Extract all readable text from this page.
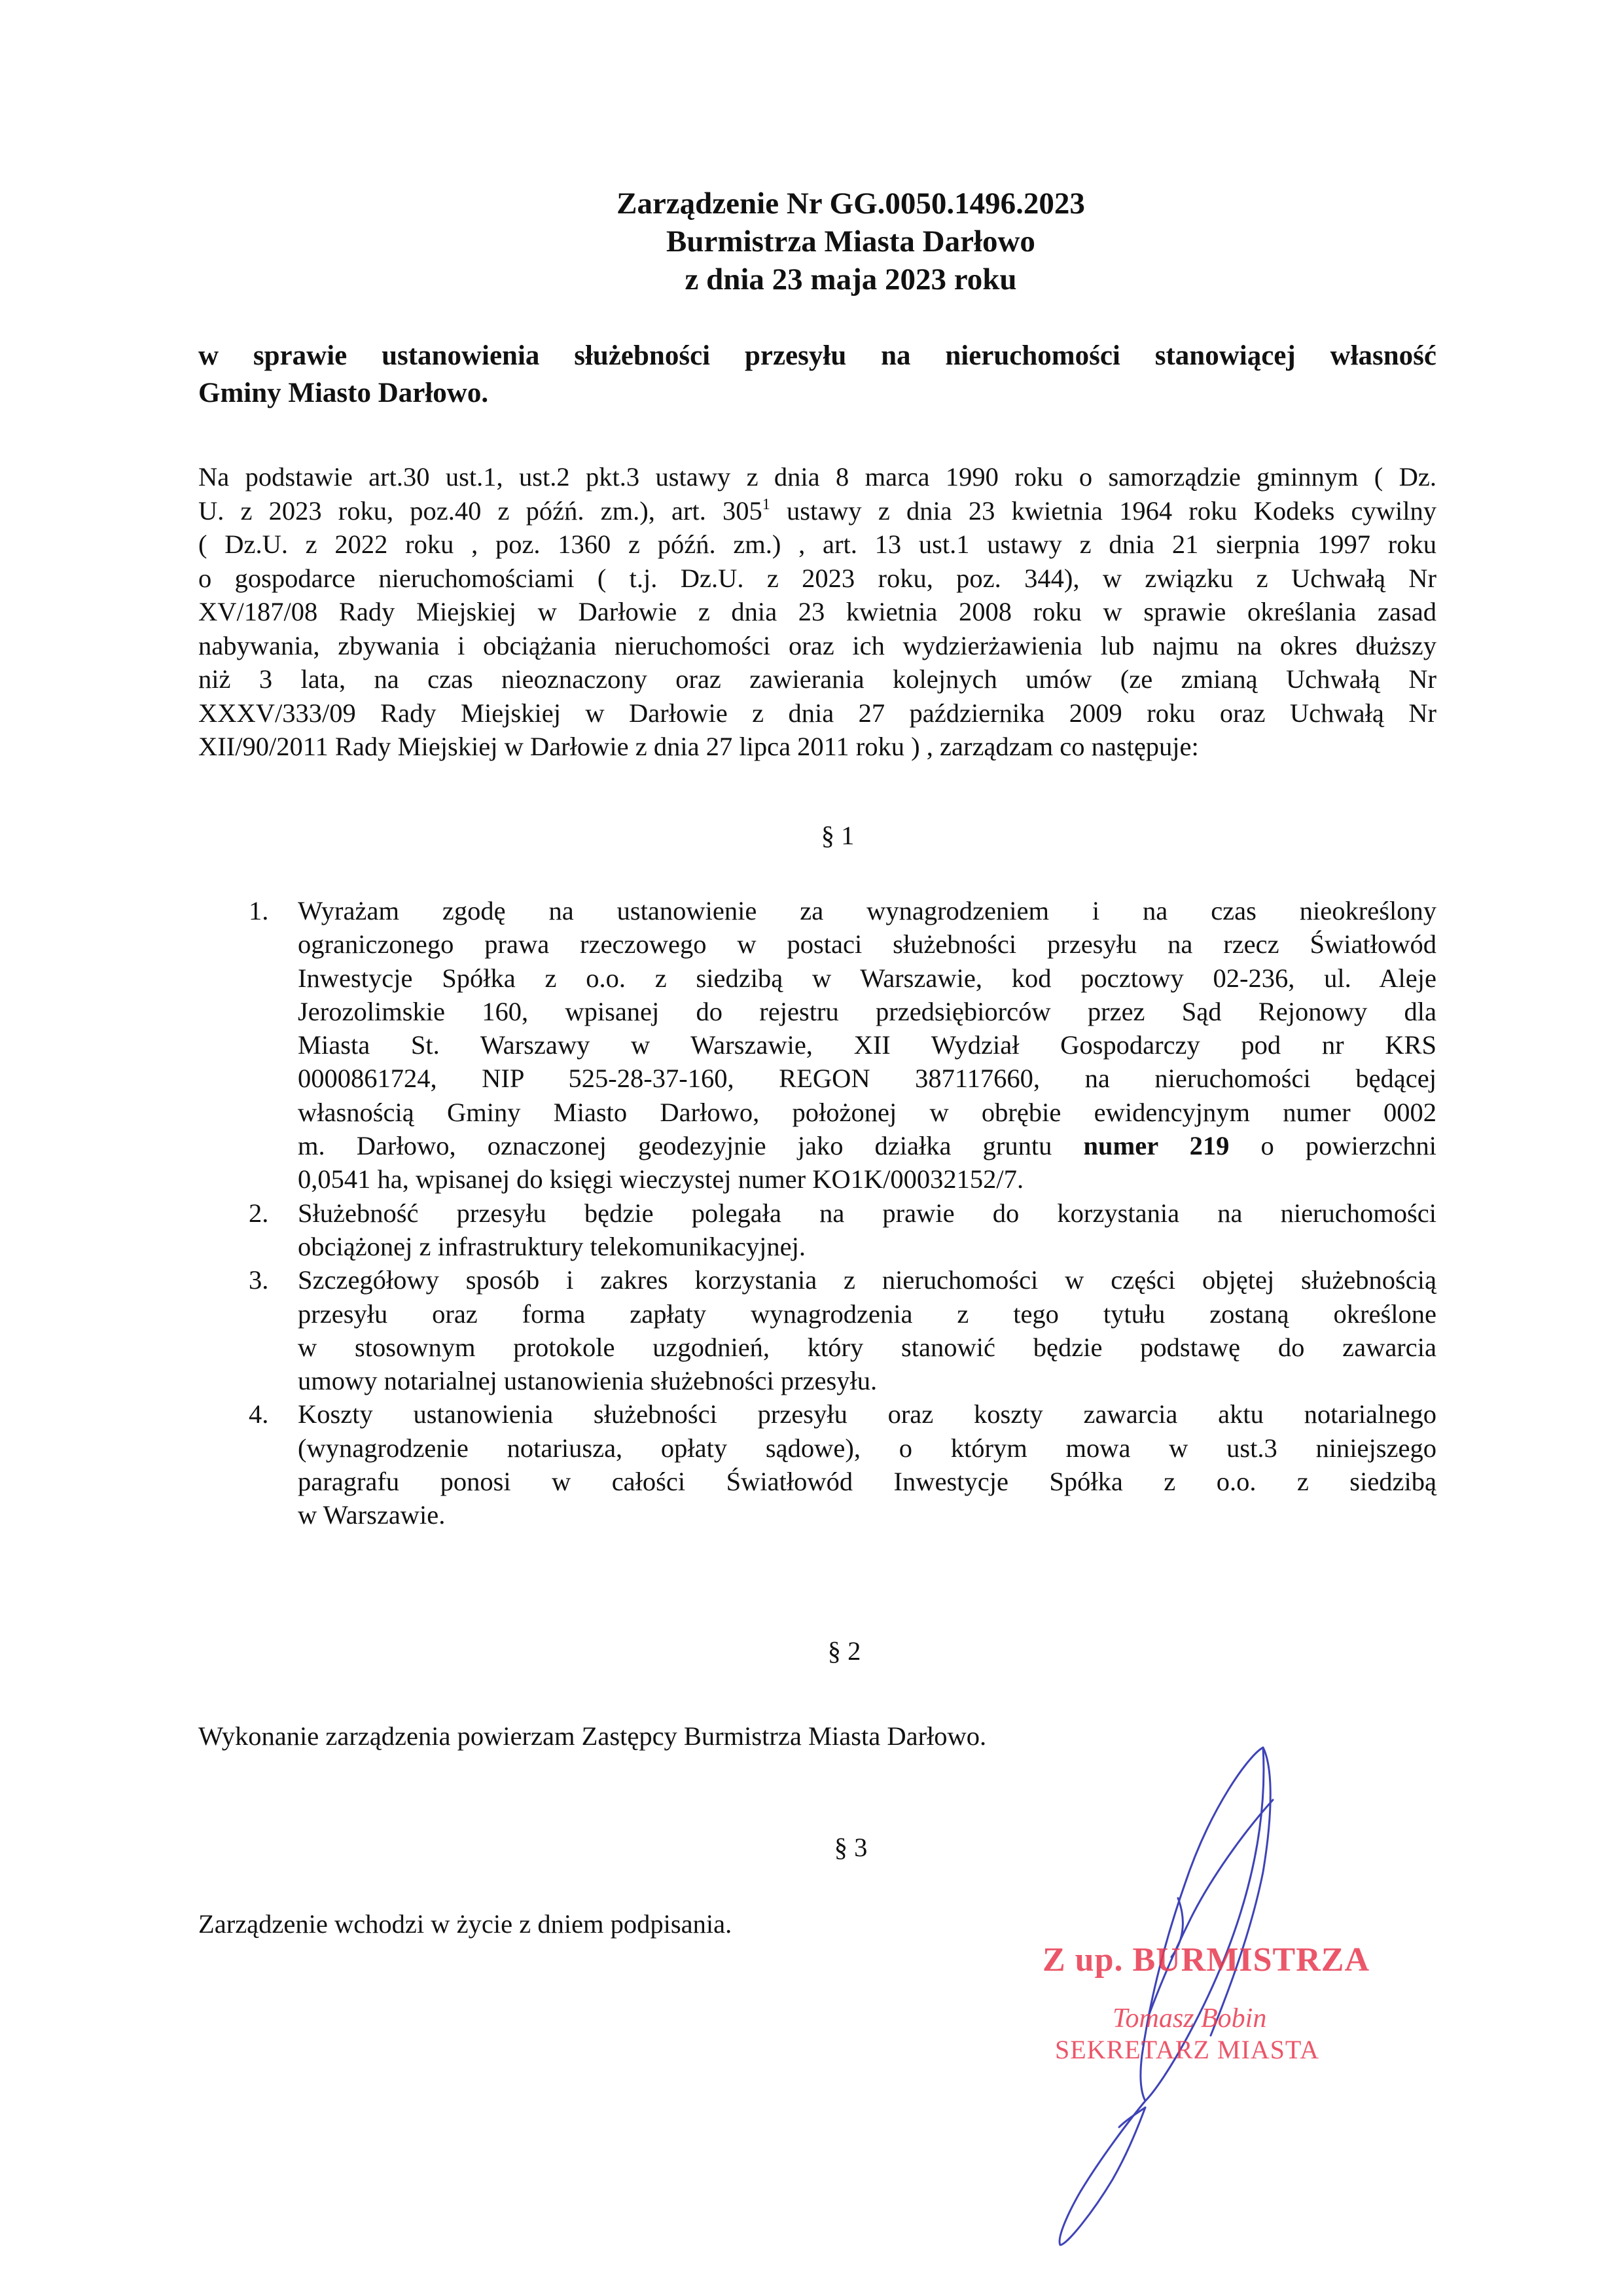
Zarządzenie Nr GG.0050.1496.2023
Burmistrza Miasta Darłowo
z dnia 23 maja 2023 roku
w sprawie ustanowienia służebności przesyłu na nieruchomości stanowiącej własność
Gminy Miasto Darłowo.
Na podstawie art.30 ust.1, ust.2 pkt.3 ustawy z dnia 8 marca 1990 roku o samorządzie gminnym ( Dz.
U. z 2023 roku, poz.40 z późń. zm.), art. $305^1$ ustawy z dnia 23 kwietnia 1964 roku Kodeks cywilny
( Dz.U. z 2022 roku , poz. 1360 z późń. zm.) , art. 13 ust.1 ustawy z dnia 21 sierpnia 1997 roku
o gospodarce nieruchomościami ( t.j. Dz.U. z 2023 roku, poz. 344), w związku z Uchwałą Nr
XV/187/08 Rady Miejskiej w Darłowie z dnia 23 kwietnia 2008 roku w sprawie określania zasad
nabywania, zbywania i obciążania nieruchomości oraz ich wydzierżawienia lub najmu na okres dłuższy
niż 3 lata, na czas nieoznaczony oraz zawierania kolejnych umów (ze zmianą Uchwałą Nr
XXXV/333/09 Rady Miejskiej w Darłowie z dnia 27 października 2009 roku oraz Uchwałą Nr
XII/90/2011 Rady Miejskiej w Darłowie z dnia 27 lipca 2011 roku ) , zarządzam co następuje:
§ 1
1. Wyrażam zgodę na ustanowienie za wynagrodzeniem i na czas nieokreślony
ograniczonego prawa rzeczowego w postaci służebności przesyłu na rzecz Światłowód
Inwestycje Spółka z o.o. z siedzibą w Warszawie, kod pocztowy 02-236, ul. Aleje
Jerozolimskie 160, wpisanej do rejestru przedsiębiorców przez Sąd Rejonowy dla
Miasta St. Warszawy w Warszawie, XII Wydział Gospodarczy pod nr KRS
0000861724, NIP 525-28-37-160, REGON 387117660, na nieruchomości będącej
własnością Gminy Miasto Darłowo, położonej w obrębie ewidencyjnym numer 0002
m. Darłowo, oznaczonej geodezyjnie jako działka gruntu numer 219 o powierzchni
0,0541 ha, wpisanej do księgi wieczystej numer KO1K/00032152/7.
2. Służebność przesyłu będzie polegała na prawie do korzystania na nieruchomości
obciążonej z infrastruktury telekomunikacyjnej.
3. Szczegółowy sposób i zakres korzystania z nieruchomości w części objętej służebnością
przesyłu oraz forma zapłaty wynagrodzenia z tego tytułu zostaną określone
w stosownym protokole uzgodnień, który stanowić będzie podstawę do zawarcia
umowy notarialnej ustanowienia służebności przesyłu.
4. Koszty ustanowienia służebności przesyłu oraz koszty zawarcia aktu notarialnego
(wynagrodzenie notariusza, opłaty sądowe), o którym mowa w ust.3 niniejszego
paragrafu ponosi w całości Światłowód Inwestycje Spółka z o.o. z siedzibą
w Warszawie.
§ 2
Wykonanie zarządzenia powierzam Zastępcy Burmistrza Miasta Darłowo.
§ 3
Zarządzenie wchodzi w życie z dniem podpisania.
Z up. BURMISTRZA
Tomasz Bobin
SEKRETARZ MIASTA
